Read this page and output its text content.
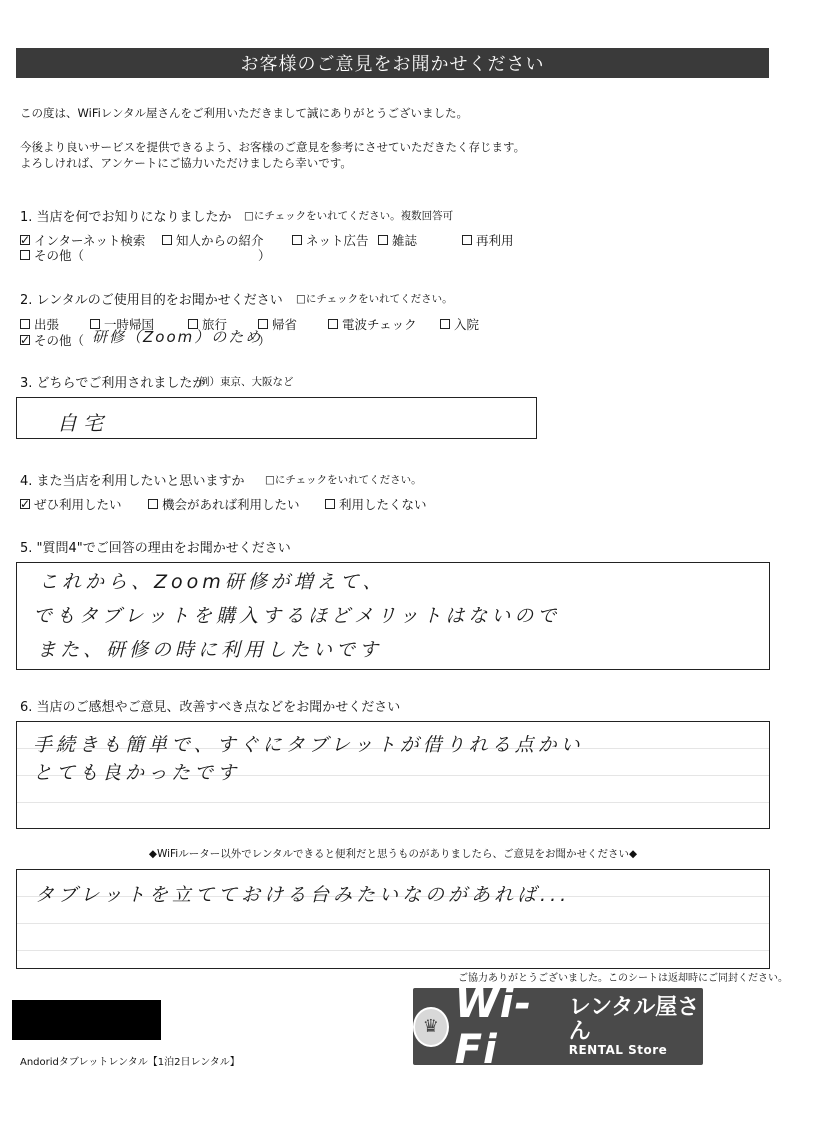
お客様のご意見をお聞かせください
この度は、WiFiレンタル屋さんをご利用いただきまして誠にありがとうございました。
今後より良いサービスを提供できるよう、お客様のご意見を参考にさせていただきたく存じます。
よろしければ、アンケートにご協力いただけましたら幸いです。
1. 当店を何でお知りになりましたか □にチェックをいれてください。複数回答可
✓
インターネット検索 知人からの紹介	ネット広告 雑誌	再利用
その他（	）
2. レンタルのご使用目的をお聞かせください □にチェックをいれてください。
出張	一時帰国	旅行	帰省	電波チェック	入院
✓
その他（ 研修（Zoom）のため
）
3. どちらでご利用されましたか
例）東京、大阪など
自宅
4. また当店を利用したいと思いますか □にチェックをいれてください。
✓
ぜひ利用したい	機会があれば利用したい	利用したくない
5. "質問4"でご回答の理由をお聞かせください
これから、Zoom研修が増えて、
でもタブレットを購入するほどメリットはないので
また、研修の時に利用したいです
6. 当店のご感想やご意見、改善すべき点などをお聞かせください
手続きも簡単で、すぐにタブレットが借りれる点かい
とても良かったです
◆WiFiルーター以外でレンタルできると便利だと思うものがありましたら、ご意見をお聞かせください◆
タブレットを立てておける台みたいなのがあれば...
ご協力ありがとうございました。このシートは返却時にご同封ください。
Andoridタブレットレンタル【1泊2日レンタル】
♛ Wi-Fi
レンタル屋さん
RENTAL Store
